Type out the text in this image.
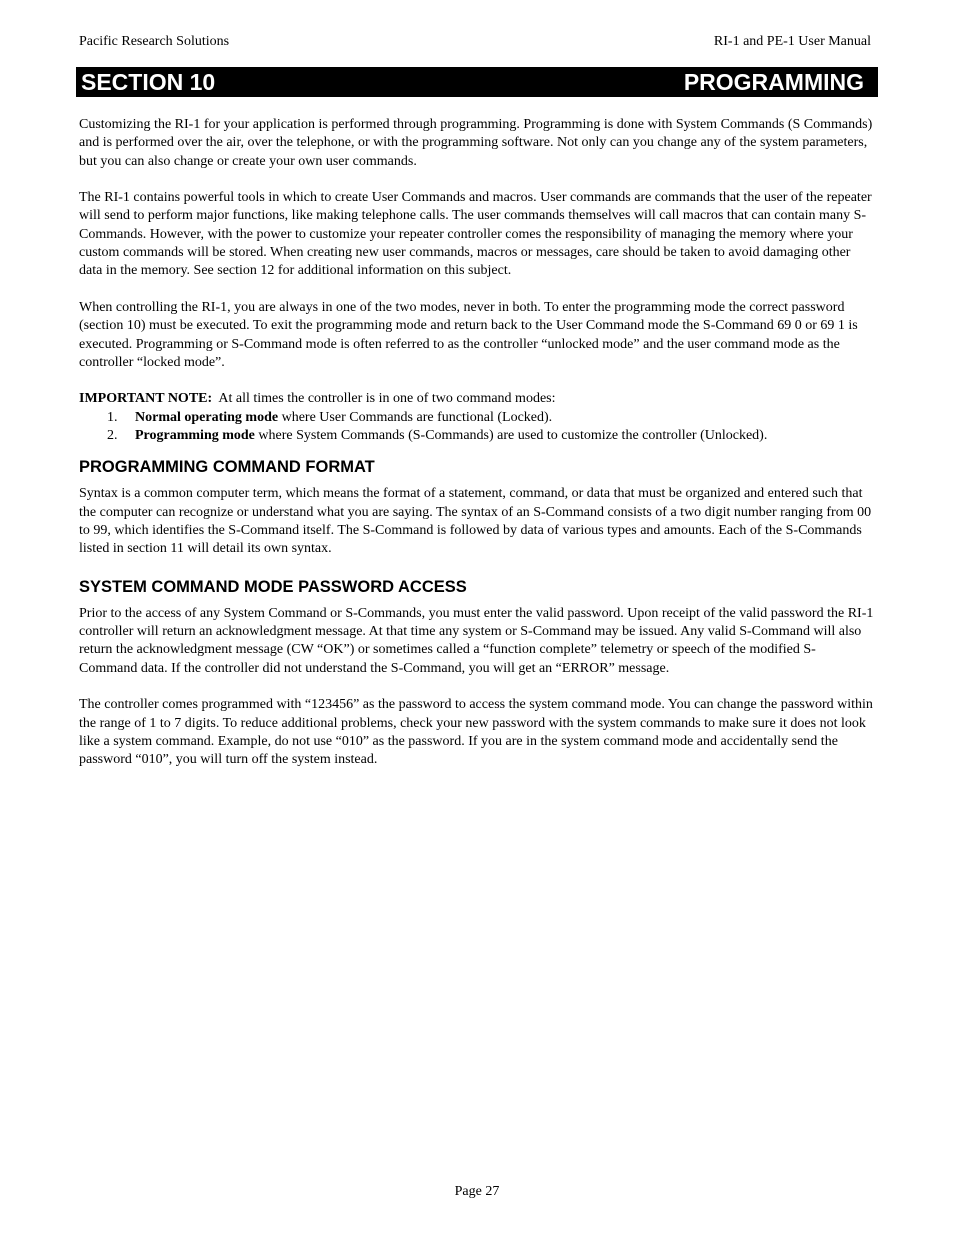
Pacific Research Solutions	RI-1 and PE-1 User Manual
SECTION 10	PROGRAMMING

Customizing the RI-1 for your application is performed through programming. Programming is done with System Commands (S Commands) and is performed over the air, over the telephone, or with the programming software. Not only can you change any of the system parameters, but you can also change or create your own user commands.

The RI-1 contains powerful tools in which to create User Commands and macros. User commands are commands that the user of the repeater will send to perform major functions, like making telephone calls. The user commands themselves will call macros that can contain many S-Commands. However, with the power to customize your repeater controller comes the responsibility of managing the memory where your custom commands will be stored. When creating new user commands, macros or messages, care should be taken to avoid damaging other data in the memory. See section 12 for additional information on this subject.

When controlling the RI-1, you are always in one of the two modes, never in both. To enter the programming mode the correct password (section 10) must be executed. To exit the programming mode and return back to the User Command mode the S-Command 69 0 or 69 1 is executed. Programming or S-Command mode is often referred to as the controller “unlocked mode” and the user command mode as the controller “locked mode”.

IMPORTANT NOTE:  At all times the controller is in one of two command modes:
1. Normal operating mode where User Commands are functional (Locked).
2. Programming mode where System Commands (S-Commands) are used to customize the controller (Unlocked).
PROGRAMMING COMMAND FORMAT

Syntax is a common computer term, which means the format of a statement, command, or data that must be organized and entered such that the computer can recognize or understand what you are saying. The syntax of an S-Command consists of a two digit number ranging from 00 to 99, which identifies the S-Command itself. The S-Command is followed by data of various types and amounts. Each of the S-Commands listed in section 11 will detail its own syntax.

SYSTEM COMMAND MODE PASSWORD ACCESS

Prior to the access of any System Command or S-Commands, you must enter the valid password. Upon receipt of the valid password the RI-1 controller will return an acknowledgment message. At that time any system or S-Command may be issued. Any valid S-Command will also return the acknowledgment message (CW “OK”) or sometimes called a “function complete” telemetry or speech of the modified S-Command data. If the controller did not understand the S-Command, you will get an “ERROR” message.

The controller comes programmed with “123456” as the password to access the system command mode. You can change the password within the range of 1 to 7 digits. To reduce additional problems, check your new password with the system commands to make sure it does not look like a system command. Example, do not use “010” as the password. If you are in the system command mode and accidentally send the password “010”, you will turn off the system instead.

Page 27
